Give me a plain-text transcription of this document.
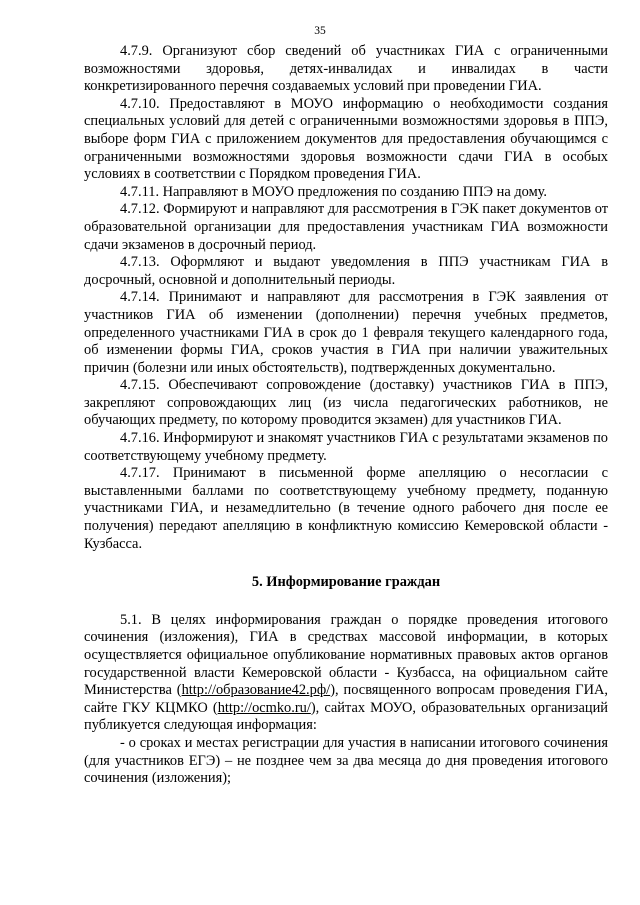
35

4.7.9. Организуют сбор сведений об участниках ГИА с ограниченными возможностями здоровья, детях-инвалидах и инвалидах в части конкретизированного перечня создаваемых условий при проведении ГИА.

4.7.10. Предоставляют в МОУО информацию о необходимости создания специальных условий для детей с ограниченными возможностями здоровья в ППЭ, выборе форм ГИА с приложением документов для предоставления обучающимся с ограниченными возможностями здоровья возможности сдачи ГИА в особых условиях в соответствии с Порядком проведения ГИА.

4.7.11. Направляют в МОУО предложения по созданию ППЭ на дому.

4.7.12. Формируют и направляют для рассмотрения в ГЭК пакет документов от образовательной организации для предоставления участникам ГИА возможности сдачи экзаменов в досрочный период.

4.7.13. Оформляют и выдают уведомления в ППЭ участникам ГИА в досрочный, основной и дополнительный периоды.

4.7.14. Принимают и направляют для рассмотрения в ГЭК заявления от участников ГИА об изменении (дополнении) перечня учебных предметов, определенного участниками ГИА в срок до 1 февраля текущего календарного года, об изменении формы ГИА, сроков участия в ГИА при наличии уважительных причин (болезни или иных обстоятельств), подтвержденных документально.

4.7.15. Обеспечивают сопровождение (доставку) участников ГИА в ППЭ, закрепляют сопровождающих лиц (из числа педагогических работников, не обучающих предмету, по которому проводится экзамен) для участников ГИА.

4.7.16. Информируют и знакомят участников ГИА с результатами экзаменов по соответствующему учебному предмету.

4.7.17. Принимают в письменной форме апелляцию о несогласии с выставленными баллами по соответствующему учебному предмету, поданную участниками ГИА, и незамедлительно (в течение одного рабочего дня после ее получения) передают апелляцию в конфликтную комиссию Кемеровской области - Кузбасса.

5. Информирование граждан

5.1. В целях информирования граждан о порядке проведения итогового сочинения (изложения), ГИА в средствах массовой информации, в которых осуществляется официальное опубликование нормативных правовых актов органов государственной власти Кемеровской области - Кузбасса, на официальном сайте Министерства (http://образование42.рф/), посвященного вопросам проведения ГИА, сайте ГКУ КЦМКО (http://ocmko.ru/), сайтах МОУО, образовательных организаций публикуется следующая информация:

- о сроках и местах регистрации для участия в написании итогового сочинения (для участников ЕГЭ) – не позднее чем за два месяца до дня проведения итогового сочинения (изложения);
